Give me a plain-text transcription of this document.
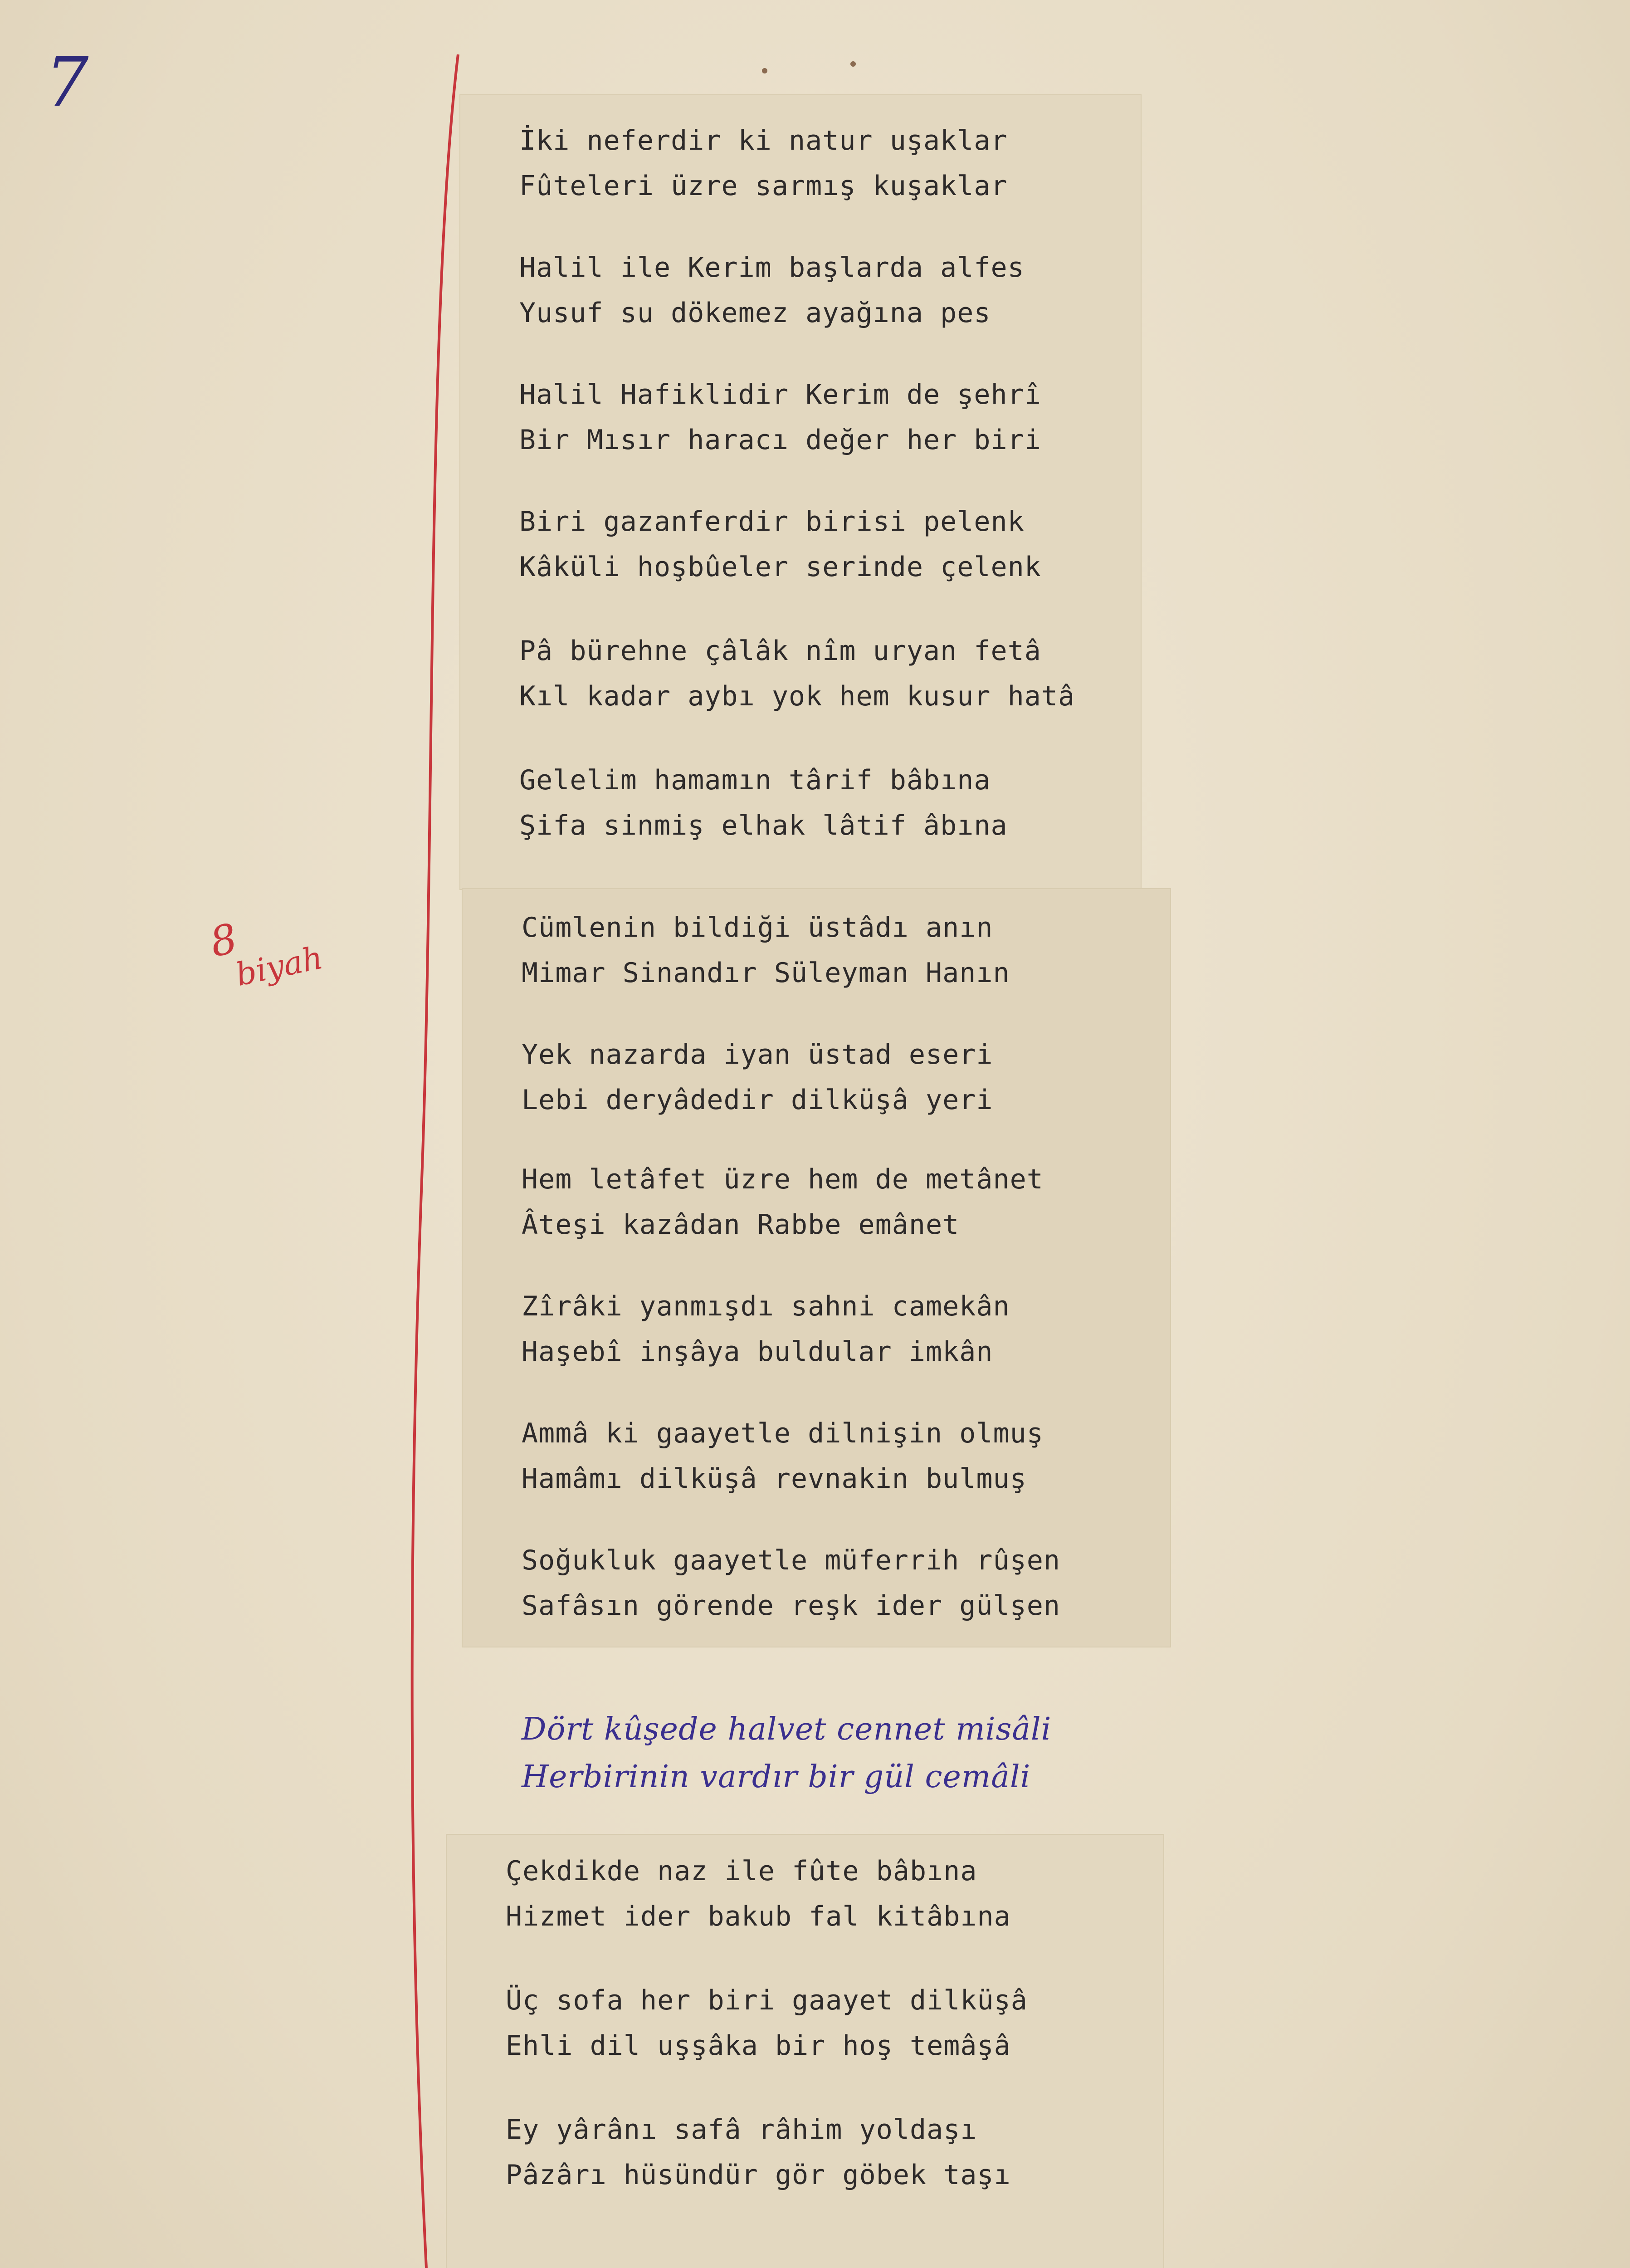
7
8
biyah
İki neferdir ki natur uşaklar
Fûteleri üzre sarmış kuşaklar
Halil ile Kerim başlarda alfes
Yusuf su dökemez ayağına pes
Halil Hafiklidir Kerim de şehrî
Bir Mısır haracı değer her biri
Biri gazanferdir birisi pelenk
Kâküli hoşbûeler serinde çelenk
Pâ bürehne çâlâk nîm uryan fetâ
Kıl kadar aybı yok hem kusur hatâ
Gelelim hamamın târif bâbına
Şifa sinmiş elhak lâtif âbına
Cümlenin bildiği üstâdı anın
Mimar Sinandır Süleyman Hanın
Yek nazarda iyan üstad eseri
Lebi deryâdedir dilküşâ yeri
Hem letâfet üzre hem de metânet
Âteşi kazâdan Rabbe emânet
Zîrâki yanmışdı sahni camekân
Haşebî inşâya buldular imkân
Ammâ ki gaayetle dilnişin olmuş
Hamâmı dilküşâ revnakin bulmuş
Soğukluk gaayetle müferrih rûşen
Safâsın görende reşk ider gülşen
Dört kûşede halvet cennet misâli
Herbirinin vardır bir gül cemâli
Çekdikde naz ile fûte bâbına
Hizmet ider bakub fal kitâbına
Üç sofa her biri gaayet dilküşâ
Ehli dil uşşâka bir hoş temâşâ
Ey yârânı safâ râhim yoldaşı
Pâzârı hüsündür gör göbek taşı
